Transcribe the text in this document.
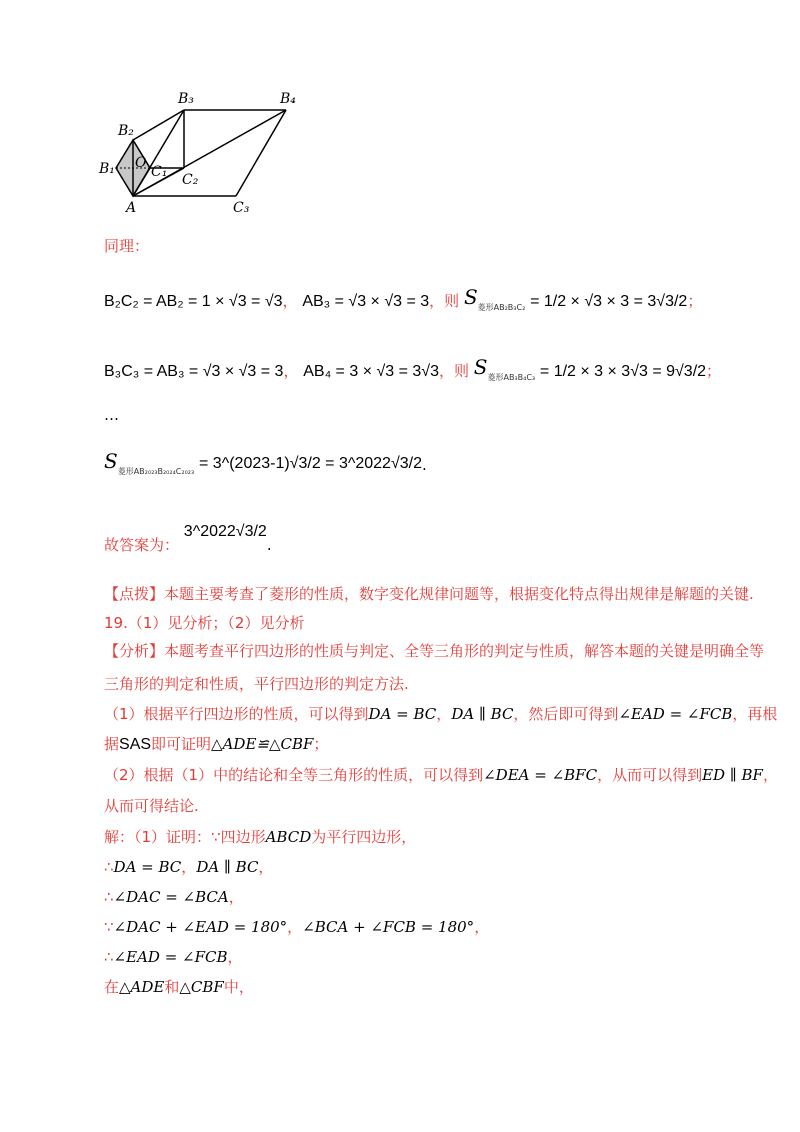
B₃	B₄
B₂
B₁ O
C₁ C₂
A	C₃
同理：
B₂C₂ = AB₂ = 1 × √3 = √3， AB₃ = √3 × √3 = 3，则 $S_{菱形AB_2B_3C_2} = 1/2 \times √3 \times 3 = 3√3/2$；
B₃C₃ = AB₃ = √3 × √3 = 3， AB₄ = 3 × √3 = 3√3，则 $S_{菱形AB_3B_4C_3} = 1/2 \times 3 \times 3√3 = 9√3/2$；
…
$S_{菱形AB_{2023}B_{2024}C_{2023}}$ = 3^(2023-1)√3/2 = 3^2022√3/2.
故答案为： 3^2022√3/2.
【点拨】本题主要考查了菱形的性质，数字变化规律问题等，根据变化特点得出规律是解题的关键.
19.（1）见分析；（2）见分析
【分析】本题考查平行四边形的性质与判定、全等三角形的判定与性质，解答本题的关键是明确全等
三角形的判定和性质，平行四边形的判定方法.
（1）根据平行四边形的性质，可以得到DA = BC，DA ∥ BC，然后即可得到∠EAD = ∠FCB，再根
据SAS即可证明△ADE≌△CBF；
（2）根据（1）中的结论和全等三角形的性质，可以得到∠DEA = ∠BFC，从而可以得到ED ∥ BF，
从而可得结论.
解：（1）证明：∵四边形ABCD为平行四边形，
∴DA = BC，DA ∥ BC，
∴∠DAC = ∠BCA，
∵∠DAC + ∠EAD = 180°，∠BCA + ∠FCB = 180°，
∴∠EAD = ∠FCB，
在△ADE和△CBF中，
